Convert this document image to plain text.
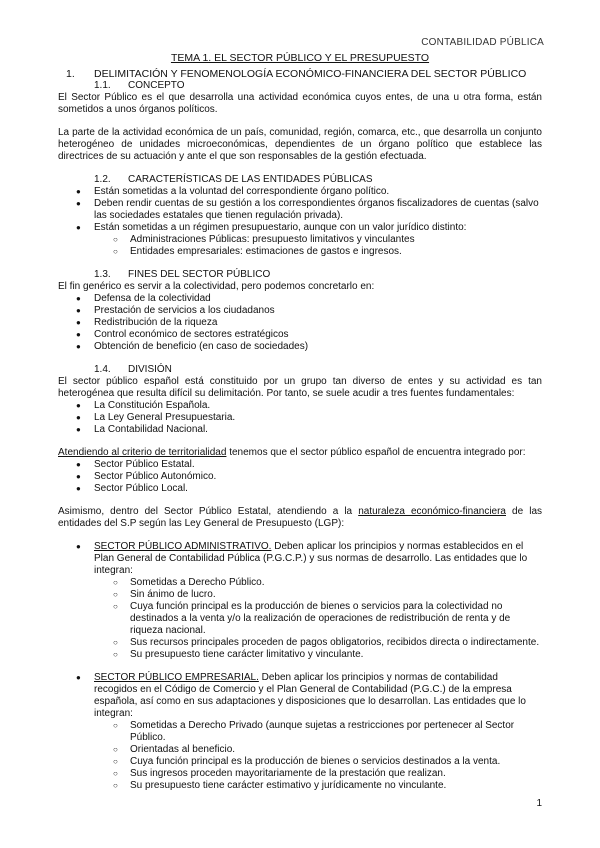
CONTABILIDAD PÚBLICA
TEMA 1. EL SECTOR PÚBLICO Y EL PRESUPUESTO
1. DELIMITACIÓN Y FENOMENOLOGÍA ECONÓMICO-FINANCIERA DEL SECTOR PÚBLICO
1.1. CONCEPTO

El Sector Público es el que desarrolla una actividad económica cuyos entes, de una u otra forma, están sometidos a unos órganos políticos.

La parte de la actividad económica de un país, comunidad, región, comarca, etc., que desarrolla un conjunto heterogéneo de unidades microeconómicas, dependientes de un órgano político que establece las directrices de su actuación y ante el que son responsables de la gestión efectuada.

1.2. CARACTERÍSTICAS DE LAS ENTIDADES PÚBLICAS
● Están sometidas a la voluntad del correspondiente órgano político.
● Deben rendir cuentas de su gestión a los correspondientes órganos fiscalizadores de cuentas (salvo las sociedades estatales que tienen regulación privada).
● Están sometidas a un régimen presupuestario, aunque con un valor jurídico distinto:
○ Administraciones Públicas: presupuesto limitativos y vinculantes
○ Entidades empresariales: estimaciones de gastos e ingresos.
1.3. FINES DEL SECTOR PÚBLICO

El fin genérico es servir a la colectividad, pero podemos concretarlo en:

● Defensa de la colectividad
● Prestación de servicios a los ciudadanos
● Redistribución de la riqueza
● Control económico de sectores estratégicos
● Obtención de beneficio (en caso de sociedades)
1.4. DIVISIÓN

El sector público español está constituido por un grupo tan diverso de entes y su actividad es tan heterogénea que resulta difícil su delimitación. Por tanto, se suele acudir a tres fuentes fundamentales:

● La Constitución Española.
● La Ley General Presupuestaria.
● La Contabilidad Nacional.

Atendiendo al criterio de territorialidad tenemos que el sector público español de encuentra integrado por:

● Sector Público Estatal.
● Sector Público Autonómico.
● Sector Público Local.

Asimismo, dentro del Sector Público Estatal, atendiendo a la naturaleza económico-financiera de las entidades del S.P según las Ley General de Presupuesto (LGP):

● SECTOR PÚBLICO ADMINISTRATIVO. Deben aplicar los principios y normas establecidos en el Plan General de Contabilidad Pública (P.G.C.P.) y sus normas de desarrollo. Las entidades que lo integran:
○ Sometidas a Derecho Público.
○ Sin ánimo de lucro.
○ Cuya función principal es la producción de bienes o servicios para la colectividad no destinados a la venta y/o la realización de operaciones de redistribución de renta y de riqueza nacional.
○ Sus recursos principales proceden de pagos obligatorios, recibidos directa o indirectamente.
○ Su presupuesto tiene carácter limitativo y vinculante.
● SECTOR PÚBLICO EMPRESARIAL. Deben aplicar los principios y normas de contabilidad recogidos en el Código de Comercio y el Plan General de Contabilidad (P.G.C.) de la empresa española, así como en sus adaptaciones y disposiciones que lo desarrollan. Las entidades que lo integran:
○ Sometidas a Derecho Privado (aunque sujetas a restricciones por pertenecer al Sector Público.
○ Orientadas al beneficio.
○ Cuya función principal es la producción de bienes o servicios destinados a la venta.
○ Sus ingresos proceden mayoritariamente de la prestación que realizan.
○ Su presupuesto tiene carácter estimativo y jurídicamente no vinculante.
1
